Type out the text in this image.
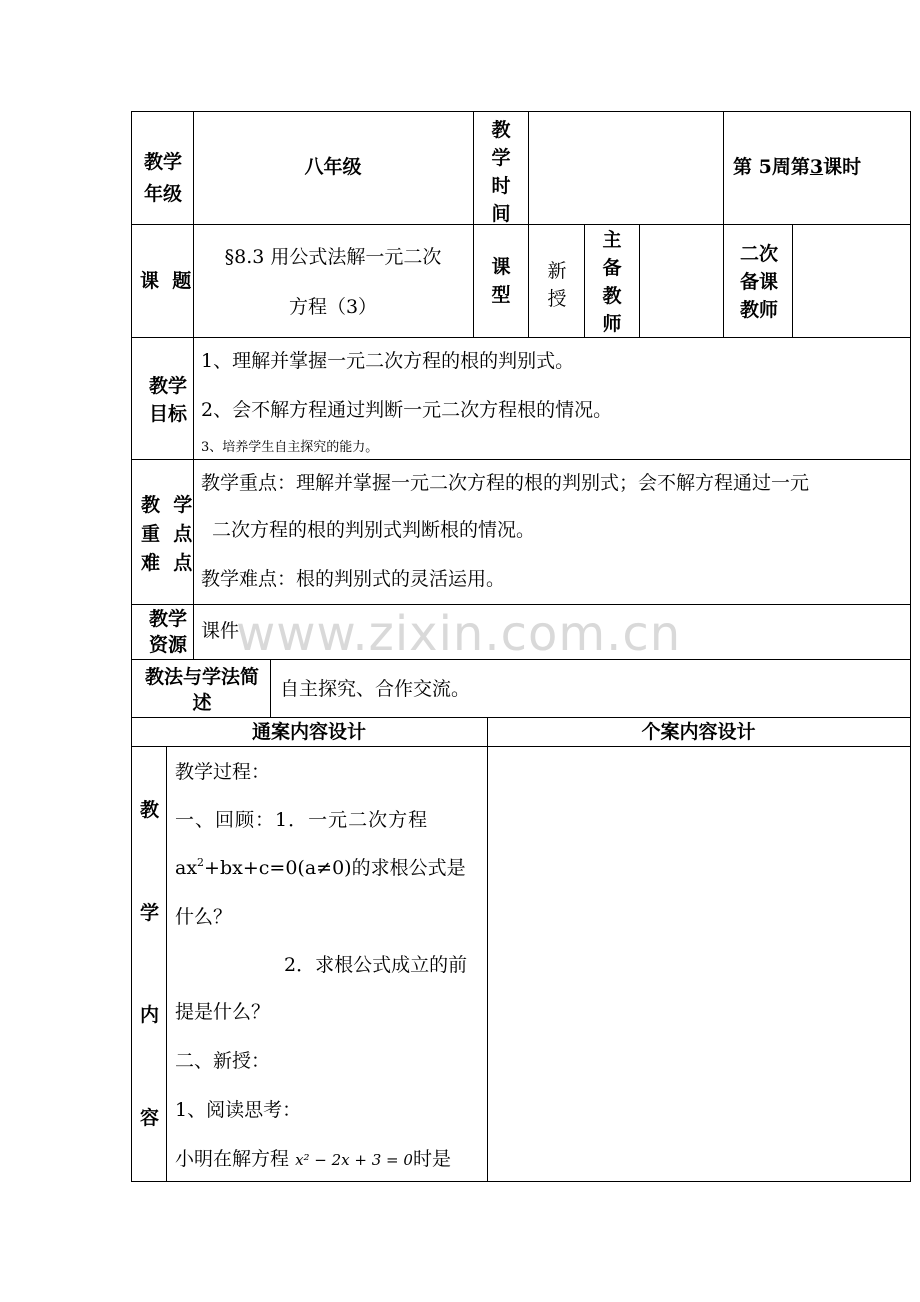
www.zixin.com.cn
教学年级
八年级
教学时间
第 5周第3课时
课  题
§8.3 用公式法解一元二次
方程（3）
课型
新授
主备教师
二次备课教师
教学目标
1、理解并掌握一元二次方程的根的判别式。
2、会不解方程通过判断一元二次方程根的情况。
3、培养学生自主探究的能力。
教  学
重  点
难  点
教学重点：理解并掌握一元二次方程的根的判别式；会不解方程通过一元
二次方程的根的判别式判断根的情况。
教学难点：根的判别式的灵活运用。
教学资源
课件
教法与学法简述
自主探究、合作交流。
通案内容设计	个案内容设计
教
学
内
容
教学过程：
一、回顾：1．一元二次方程
$ax^2+bx+c=0(a\ne 0)$的求根公式是
什么？
2．求根公式成立的前
提是什么？
二、新授：
1、阅读思考：
小明在解方程 x² − 2x + 3 = 0时是
